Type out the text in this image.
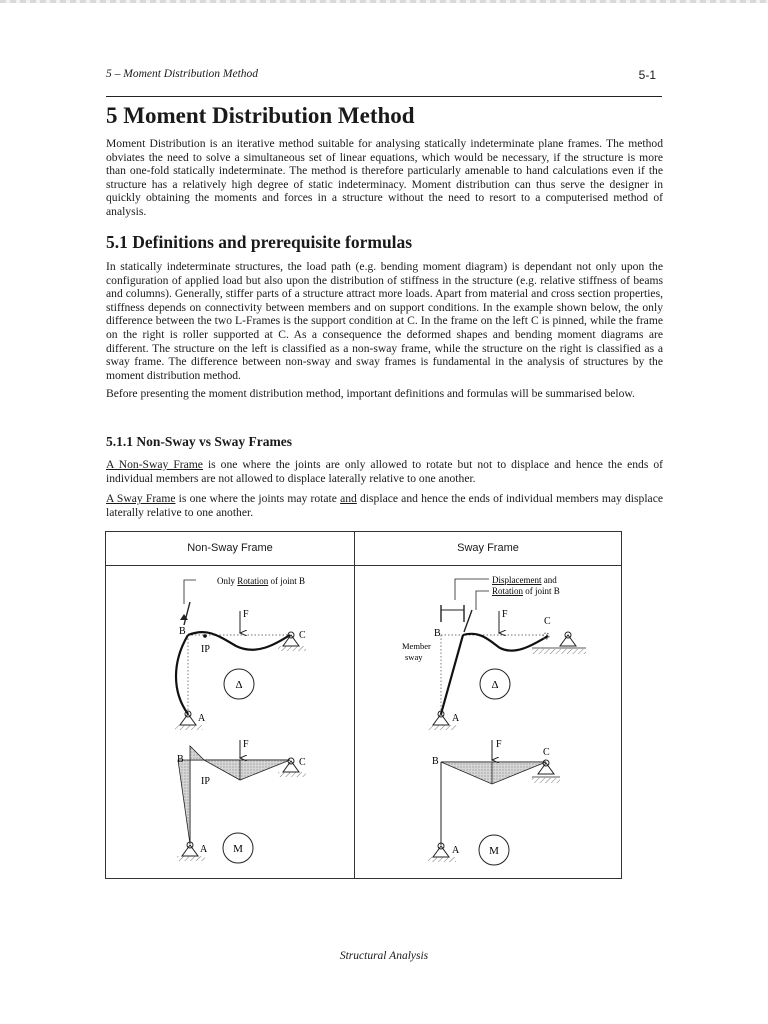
5 – Moment Distribution Method	5-1
5 Moment Distribution Method

Moment Distribution is an iterative method suitable for analysing statically indeterminate plane frames. The method obviates the need to solve a simultaneous set of linear equations, which would be necessary, if the structure is more than one-fold statically indeterminate. The method is therefore particularly amenable to hand calculations even if the structure has a relatively high degree of static indeterminacy. Moment distribution can thus serve the designer in quickly obtaining the moments and forces in a structure without the need to resort to a computerised method of analysis.

5.1 Definitions and prerequisite formulas

In statically indeterminate structures, the load path (e.g. bending moment diagram) is dependant not only upon the configuration of applied load but also upon the distribution of stiffness in the structure (e.g. relative stiffness of beams and columns). Generally, stiffer parts of a structure attract more loads. Apart from material and cross section properties, stiffness depends on connectivity between members and on support conditions. In the example shown below, the only difference between the two L-Frames is the support condition at C. In the frame on the left C is pinned, while the frame on the right is roller supported at C. As a consequence the deformed shapes and bending moment diagrams are different. The structure on the left is classified as a non-sway frame, while the structure on the right is classified as a sway frame. The difference between non-sway and sway frames is fundamental in the analysis of structures by the moment distribution method.

Before presenting the moment distribution method, important definitions and formulas will be summarised below.

5.1.1 Non-Sway vs Sway Frames

A Non-Sway Frame is one where the joints are only allowed to rotate but not to displace and hence the ends of individual members are not allowed to displace laterally relative to one another.

A Sway Frame is one where the joints may rotate and displace and hence the ends of individual members may displace laterally relative to one another.

Non-Sway Frame	Sway Frame
Only Rotation of joint B
F
B
IP
C
A
Δ
F
B
IP
C
A M
Displacement and
Rotation of joint B
B
F
Member
sway
C
A
Δ
F
B
C
A	M
Structural Analysis
